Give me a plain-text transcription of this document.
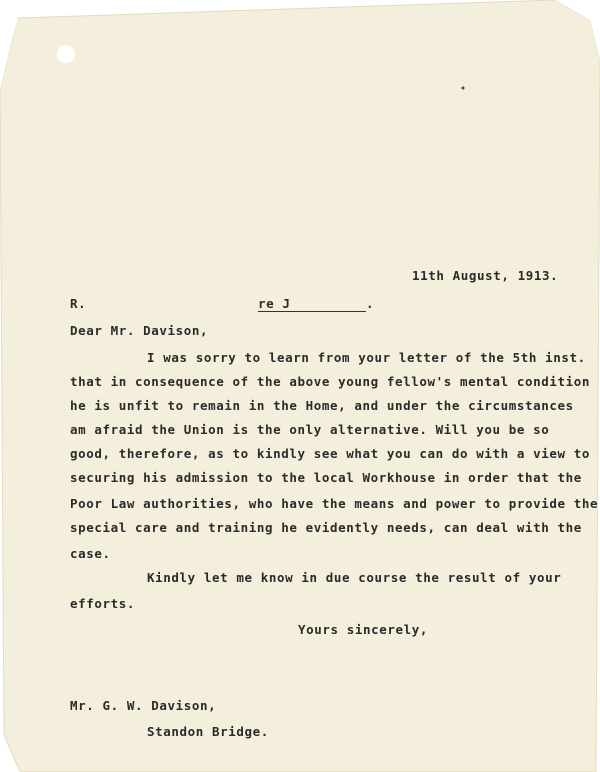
11th August, 1913.
R.	re J	.
Dear Mr. Davison,
I was sorry to learn from your letter of the 5th inst.
that in consequence of the above young fellow's mental condition
he is unfit to remain in the Home, and under the circumstances
am afraid the Union is the only alternative. Will you be so
good, therefore, as to kindly see what you can do with a view to
securing his admission to the local Workhouse in order that the
Poor Law authorities, who have the means and power to provide the
special care and training he evidently needs, can deal with the
case.
Kindly let me know in due course the result of your
efforts.
Yours sincerely,
Mr. G. W. Davison,
Standon Bridge.
